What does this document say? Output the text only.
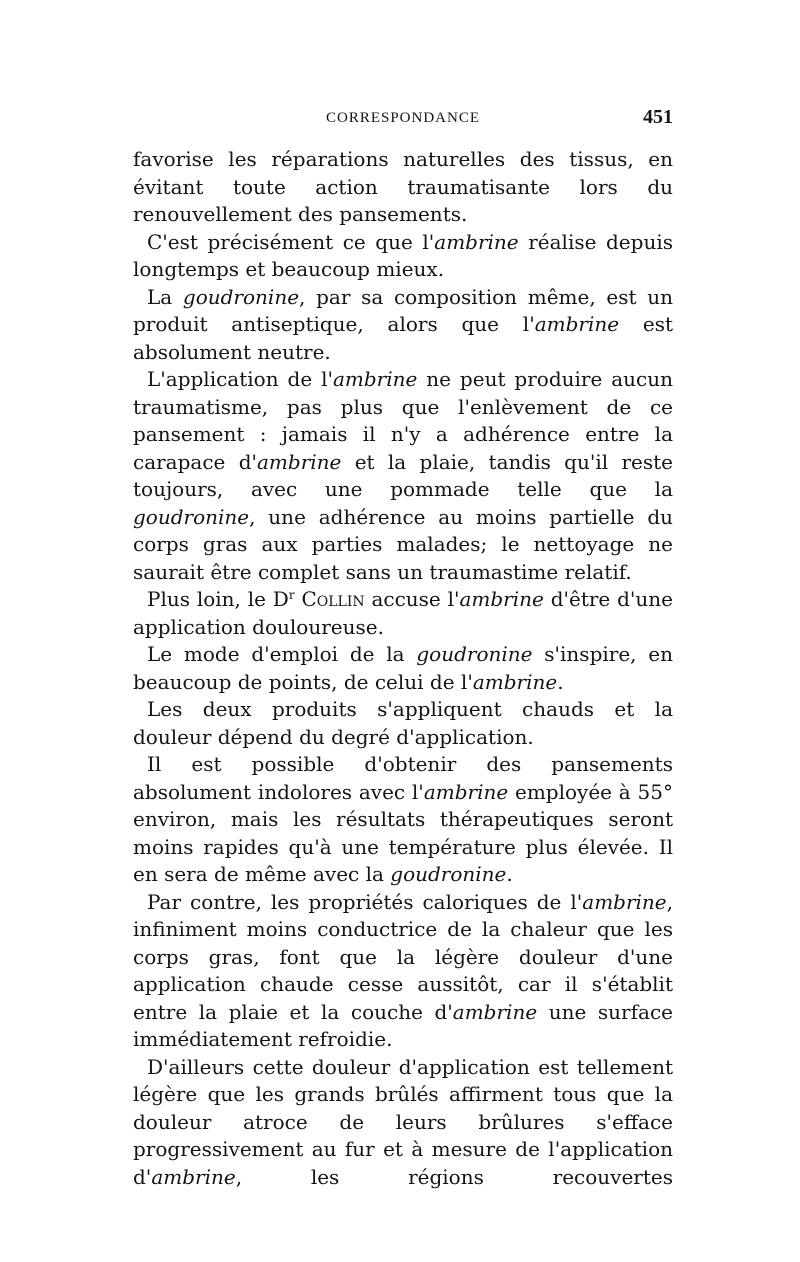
CORRESPONDANCE	451

favorise les réparations naturelles des tissus, en évitant toute action traumatisante lors du renouvellement des pansements.

C'est précisément ce que l'ambrine réalise depuis longtemps et beaucoup mieux.

La goudronine, par sa composition même, est un produit antiseptique, alors que l'ambrine est absolument neutre.

L'application de l'ambrine ne peut produire aucun traumatisme, pas plus que l'enlèvement de ce pansement : jamais il n'y a adhérence entre la carapace d'ambrine et la plaie, tandis qu'il reste toujours, avec une pommade telle que la goudronine, une adhérence au moins partielle du corps gras aux parties malades; le nettoyage ne saurait être complet sans un traumastime relatif.

Plus loin, le $D^r$ Collin accuse l'ambrine d'être d'une application douloureuse.

Le mode d'emploi de la goudronine s'inspire, en beaucoup de points, de celui de l'ambrine.

Les deux produits s'appliquent chauds et la douleur dépend du degré d'application.

Il est possible d'obtenir des pansements absolument indolores avec l'ambrine employée à 55° environ, mais les résultats thérapeutiques seront moins rapides qu'à une température plus élevée. Il en sera de même avec la goudronine.

Par contre, les propriétés caloriques de l'ambrine, infiniment moins conductrice de la chaleur que les corps gras, font que la légère douleur d'une application chaude cesse aussitôt, car il s'établit entre la plaie et la couche d'ambrine une surface immédiatement refroidie.

D'ailleurs cette douleur d'application est tellement légère que les grands brûlés affirment tous que la douleur atroce de leurs brûlures s'efface progressivement au fur et à mesure de l'application d'ambrine, les régions recouvertes
